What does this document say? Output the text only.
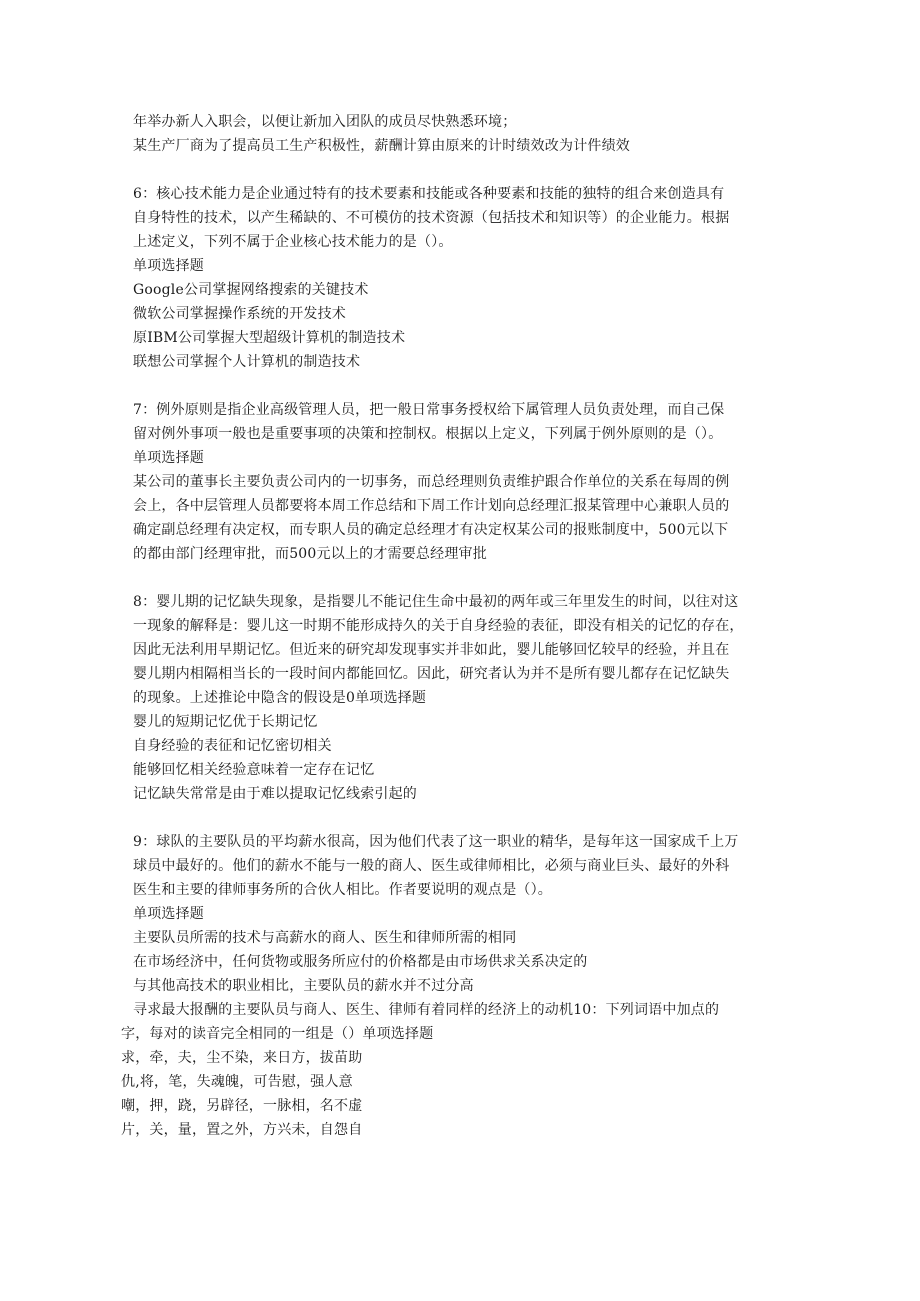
年举办新人入职会，以便让新加入团队的成员尽快熟悉环境；
某生产厂商为了提高员工生产积极性，薪酬计算由原来的计时绩效改为计件绩效
6：核心技术能力是企业通过特有的技术要素和技能或各种要素和技能的独特的组合来创造具有
自身特性的技术，以产生稀缺的、不可模仿的技术资源（包括技术和知识等）的企业能力。根据
上述定义，下列不属于企业核心技术能力的是（）。
单项选择题
Google公司掌握网络搜索的关键技术
微软公司掌握操作系统的开发技术
原IBM公司掌握大型超级计算机的制造技术
联想公司掌握个人计算机的制造技术
7：例外原则是指企业高级管理人员，把一般日常事务授权给下属管理人员负责处理，而自己保
留对例外事项一般也是重要事项的决策和控制权。根据以上定义，下列属于例外原则的是（）。
单项选择题
某公司的董事长主要负责公司内的一切事务，而总经理则负责维护跟合作单位的关系在每周的例
会上，各中层管理人员都要将本周工作总结和下周工作计划向总经理汇报某管理中心兼职人员的
确定副总经理有决定权，而专职人员的确定总经理才有决定权某公司的报账制度中，500元以下
的都由部门经理审批，而500元以上的才需要总经理审批
8：婴儿期的记忆缺失现象，是指婴儿不能记住生命中最初的两年或三年里发生的时间，以往对这
一现象的解释是：婴儿这一时期不能形成持久的关于自身经验的表征，即没有相关的记忆的存在，
因此无法利用早期记忆。但近来的研究却发现事实并非如此，婴儿能够回忆较早的经验，并且在
婴儿期内相隔相当长的一段时间内都能回忆。因此，研究者认为并不是所有婴儿都存在记忆缺失
的现象。上述推论中隐含的假设是0单项选择题
婴儿的短期记忆优于长期记忆
自身经验的表征和记忆密切相关
能够回忆相关经验意味着一定存在记忆
记忆缺失常常是由于难以提取记忆线索引起的
9：球队的主要队员的平均薪水很高，因为他们代表了这一职业的精华，是每年这一国家成千上万
球员中最好的。他们的薪水不能与一般的商人、医生或律师相比，必须与商业巨头、最好的外科
医生和主要的律师事务所的合伙人相比。作者要说明的观点是（）。
单项选择题
主要队员所需的技术与高薪水的商人、医生和律师所需的相同
在市场经济中，任何货物或服务所应付的价格都是由市场供求关系决定的
与其他高技术的职业相比，主要队员的薪水并不过分高
寻求最大报酬的主要队员与商人、医生、律师有着同样的经济上的动机10：下列词语中加点的
字，每对的读音完全相同的一组是（）单项选择题
求，牵，夫，尘不染，来日方，拔苗助
仇,将，笔，失魂魄，可告慰，强人意
嘲，押，跷，另辟径，一脉相，名不虚
片，关，量，置之外，方兴未，自怨自
